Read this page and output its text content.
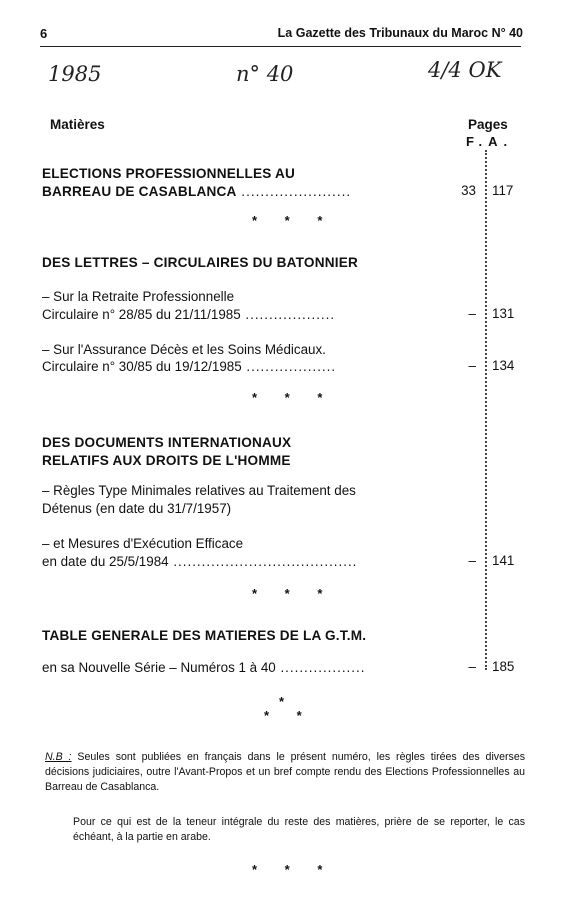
6	La Gazette des Tribunaux du Maroc N° 40
1985	n° 40	4/4 OK
Matières	Pages
F.A.
ELECTIONS PROFESSIONNELLES AU
BARREAU DE CASABLANCA .......................	33 117
* * *
DES LETTRES – CIRCULAIRES DU BATONNIER
– Sur la Retraite Professionnelle
Circulaire n° 28/85 du 21/11/1985 ...................	– 131
– Sur l'Assurance Décès et les Soins Médicaux.
Circulaire n° 30/85 du 19/12/1985 ...................	– 134
* * *
DES DOCUMENTS INTERNATIONAUX
RELATIFS AUX DROITS DE L'HOMME
– Règles Type Minimales relatives au Traitement des
Détenus (en date du 31/7/1957)
– et Mesures d'Exécution Efficace
en date du 25/5/1984 .......................................	– 141
* * *
TABLE GENERALE DES MATIERES DE LA G.T.M.
en sa Nouvelle Série – Numéros 1 à 40 ..................	– 185
*
* *
N.B : Seules sont publiées en français dans le présent numéro, les règles tirées des diverses décisions judiciaires, outre l'Avant-Propos et un bref compte rendu des Elections Professionnelles au Barreau de Casablanca.
Pour ce qui est de la teneur intégrale du reste des matières, prière de se reporter, le cas échéant, à la partie en arabe.
* * *
